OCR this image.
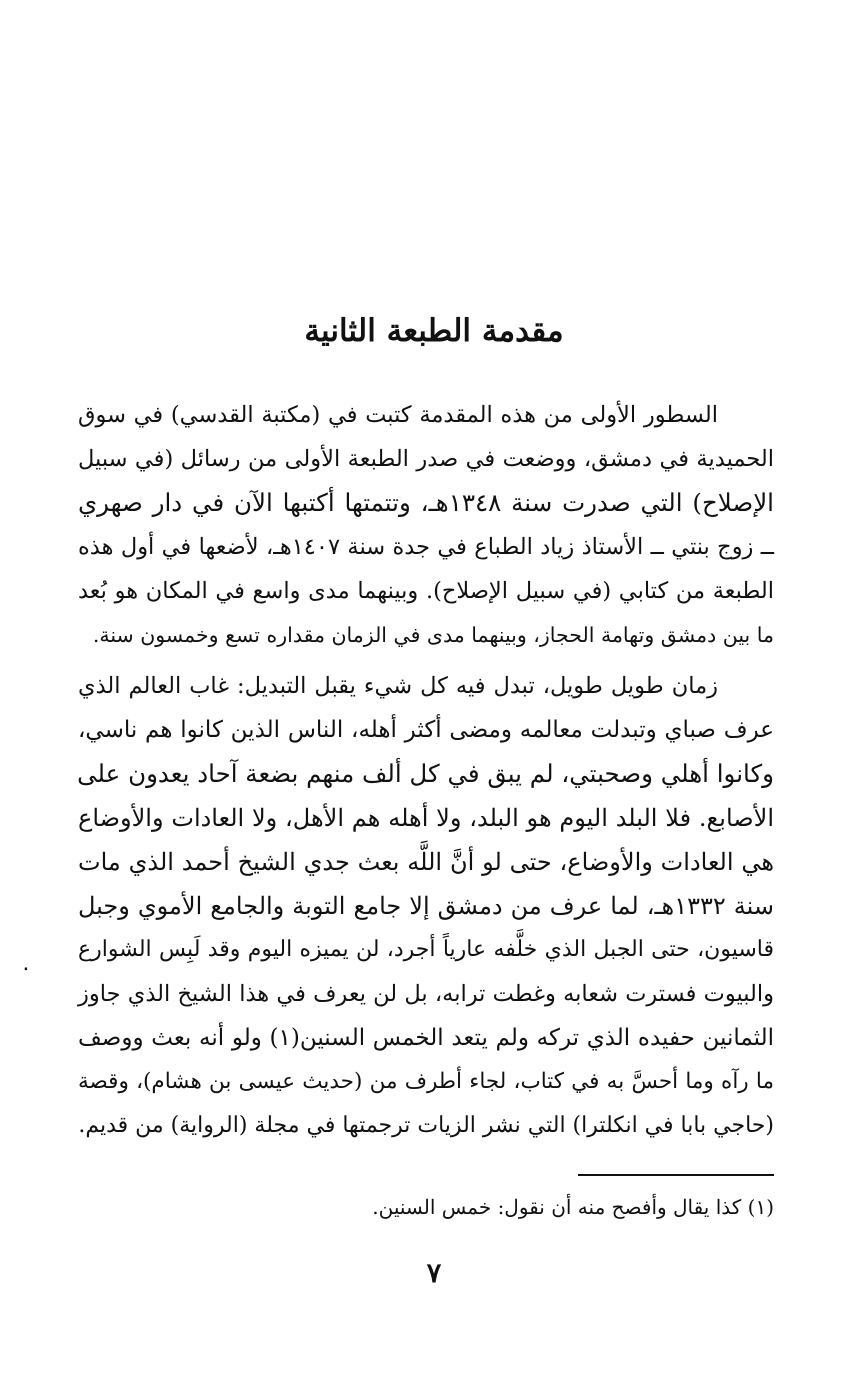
مقدمة الطبعة الثانية

السطور الأولى من هذه المقدمة كتبت في (مكتبة القدسي) في سوق

الحميدية في دمشق، ووضعت في صدر الطبعة الأولى من رسائل (في سبيل

الإصلاح) التي صدرت سنة ١٣٤٨هـ، وتتمتها أكتبها الآن في دار صهري

ــ زوج بنتي ــ الأستاذ زياد الطباع في جدة سنة ١٤٠٧هـ، لأضعها في أول هذه

الطبعة من كتابي (في سبيل الإصلاح). وبينهما مدى واسع في المكان هو بُعد

ما بين دمشق وتهامة الحجاز، وبينهما مدى في الزمان مقداره تسع وخمسون سنة.

زمان طويل طويل، تبدل فيه كل شيء يقبل التبديل: غاب العالم الذي

عرف صباي وتبدلت معالمه ومضى أكثر أهله، الناس الذين كانوا هم ناسي،

وكانوا أهلي وصحبتي، لم يبق في كل ألف منهم بضعة آحاد يعدون على

الأصابع. فلا البلد اليوم هو البلد، ولا أهله هم الأهل، ولا العادات والأوضاع

هي العادات والأوضاع، حتى لو أنَّ اللَّه بعث جدي الشيخ أحمد الذي مات

سنة ١٣٣٢هـ، لما عرف من دمشق إلا جامع التوبة والجامع الأموي وجبل

قاسيون، حتى الجبل الذي خلَّفه عارياً أجرد، لن يميزه اليوم وقد لَبِس الشوارع

والبيوت فسترت شعابه وغطت ترابه، بل لن يعرف في هذا الشيخ الذي جاوز

الثمانين حفيده الذي تركه ولم يتعد الخمس السنين(١) ولو أنه بعث ووصف

ما رآه وما أحسَّ به في كتاب، لجاء أطرف من (حديث عيسى بن هشام)، وقصة

(حاجي بابا في انكلترا) التي نشر الزيات ترجمتها في مجلة (الرواية) من قديم.

٠

(١) كذا يقال وأفصح منه أن نقول: خمس السنين.

٧
